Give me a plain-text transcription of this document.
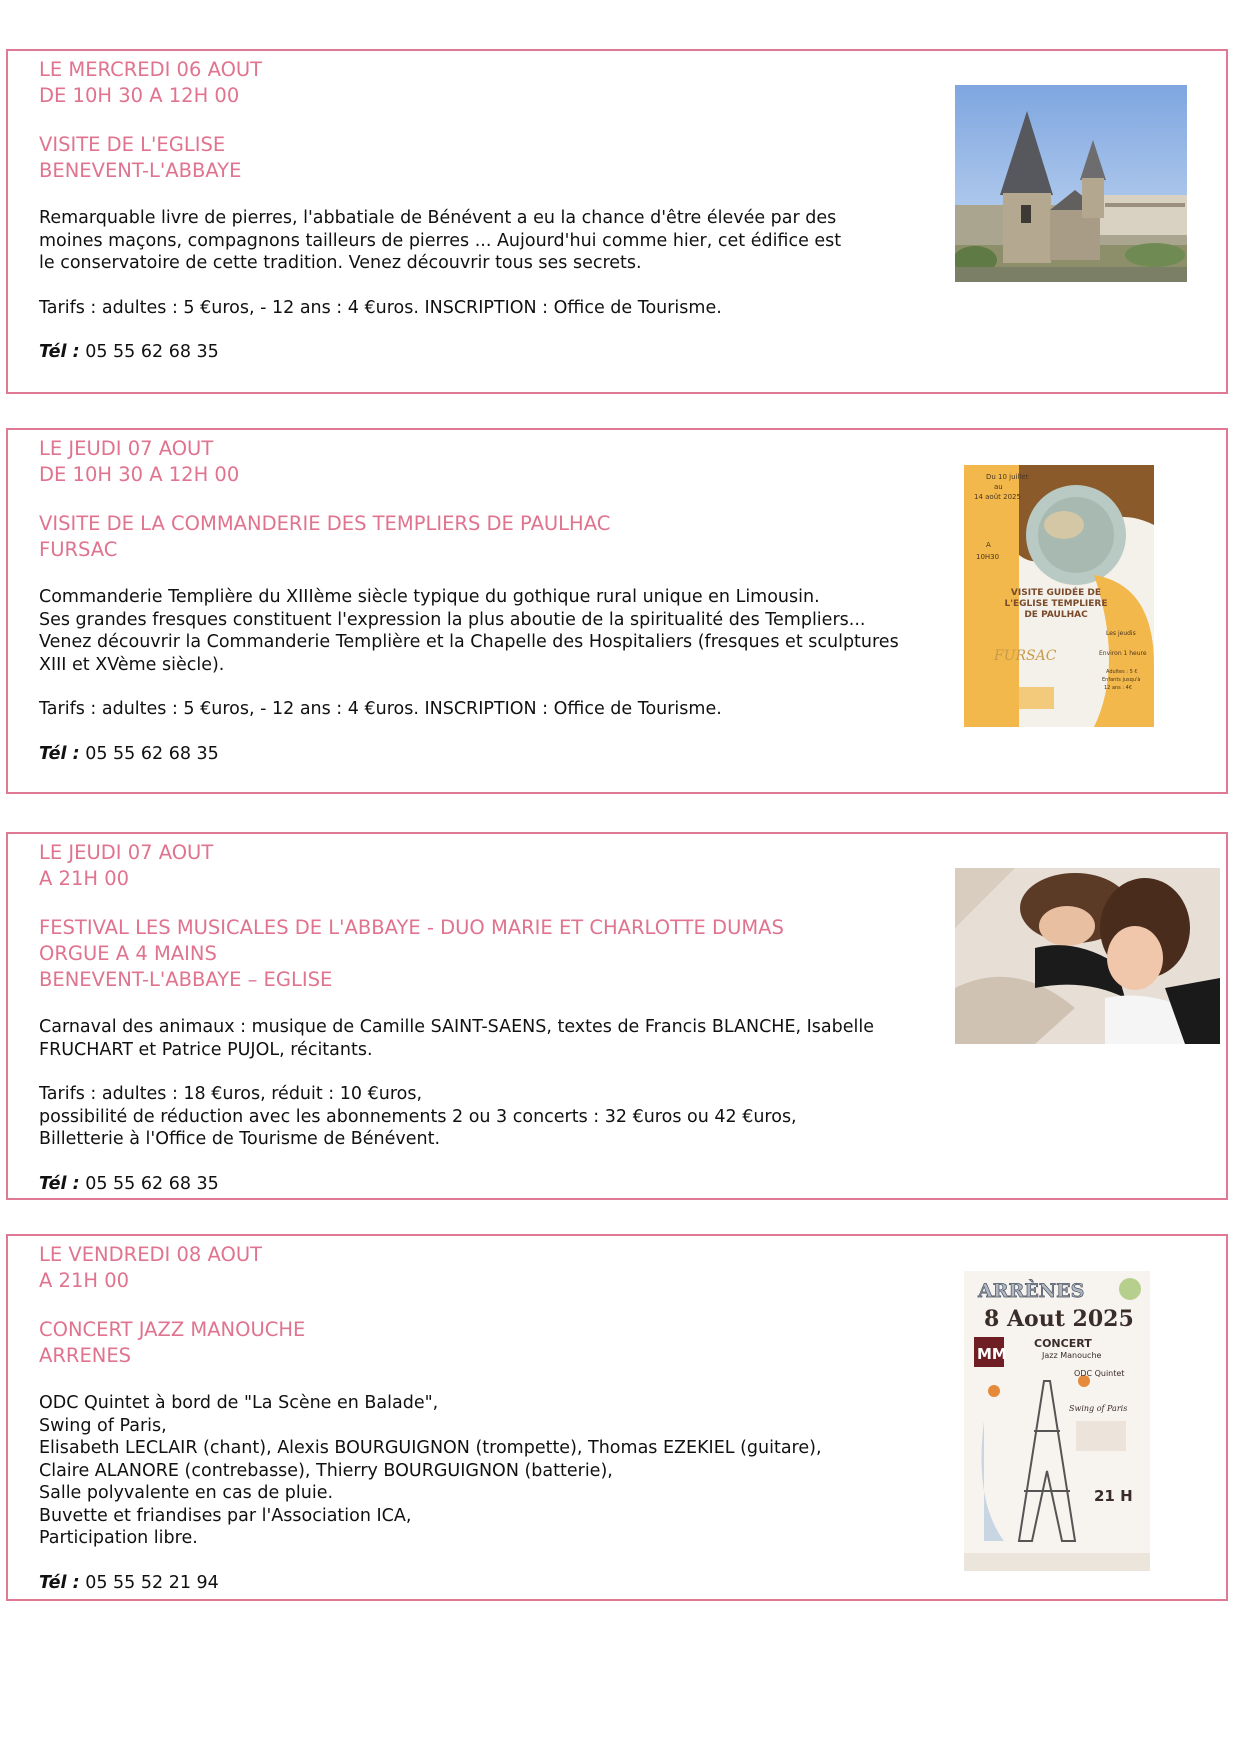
LE MERCREDI 06 AOUT

DE 10H 30 A 12H 00

VISITE DE L'EGLISE

BENEVENT-L'ABBAYE

Remarquable livre de pierres, l'abbatiale de Bénévent a eu la chance d'être élevée par des

moines maçons, compagnons tailleurs de pierres ... Aujourd'hui comme hier, cet édifice est

le conservatoire de cette tradition. Venez découvrir tous ses secrets.

Tarifs : adultes : 5 €uros, - 12 ans : 4 €uros. INSCRIPTION : Office de Tourisme.

Tél : 05 55 62 68 35

LE JEUDI 07 AOUT

DE 10H 30 A 12H 00

VISITE DE LA COMMANDERIE DES TEMPLIERS DE PAULHAC

FURSAC

Commanderie Templière du XIIIème siècle typique du gothique rural unique en Limousin.

Ses grandes fresques constituent l'expression la plus aboutie de la spiritualité des Templiers...

Venez découvrir la Commanderie Templière et la Chapelle des Hospitaliers (fresques et sculptures

XIII et XVème siècle).

Tarifs : adultes : 5 €uros, - 12 ans : 4 €uros. INSCRIPTION : Office de Tourisme.

Tél : 05 55 62 68 35

Du 10 juillet
au
14 août 2025
A
10H30
VISITE GUIDÉE DE
L'EGLISE TEMPLIERE
DE PAULHAC
FURSAC
Les jeudis
Environ 1 heure
Adultes : 5 €
Enfants jusqu'à
12 ans : 4€

LE JEUDI 07 AOUT

A 21H 00

FESTIVAL LES MUSICALES DE L'ABBAYE - DUO MARIE ET CHARLOTTE DUMAS

ORGUE A 4 MAINS

BENEVENT-L'ABBAYE – EGLISE

Carnaval des animaux : musique de Camille SAINT-SAENS, textes de Francis BLANCHE, Isabelle

FRUCHART et Patrice PUJOL, récitants.

Tarifs : adultes : 18 €uros, réduit : 10 €uros,

possibilité de réduction avec les abonnements 2 ou 3 concerts : 32 €uros ou 42 €uros,

Billetterie à l'Office de Tourisme de Bénévent.

Tél : 05 55 62 68 35

LE VENDREDI 08 AOUT

A 21H 00

CONCERT JAZZ MANOUCHE

ARRENES

ODC Quintet à bord de "La Scène en Balade",

Swing of Paris,

Elisabeth LECLAIR (chant), Alexis BOURGUIGNON (trompette), Thomas EZEKIEL (guitare),

Claire ALANORE (contrebasse), Thierry BOURGUIGNON (batterie),

Salle polyvalente en cas de pluie.

Buvette et friandises par l'Association ICA,

Participation libre.

Tél : 05 55 52 21 94

ARRÈNES
8 Aout 2025
MM
CONCERT
Jazz Manouche
ODC Quintet
Swing of Paris
21 H
